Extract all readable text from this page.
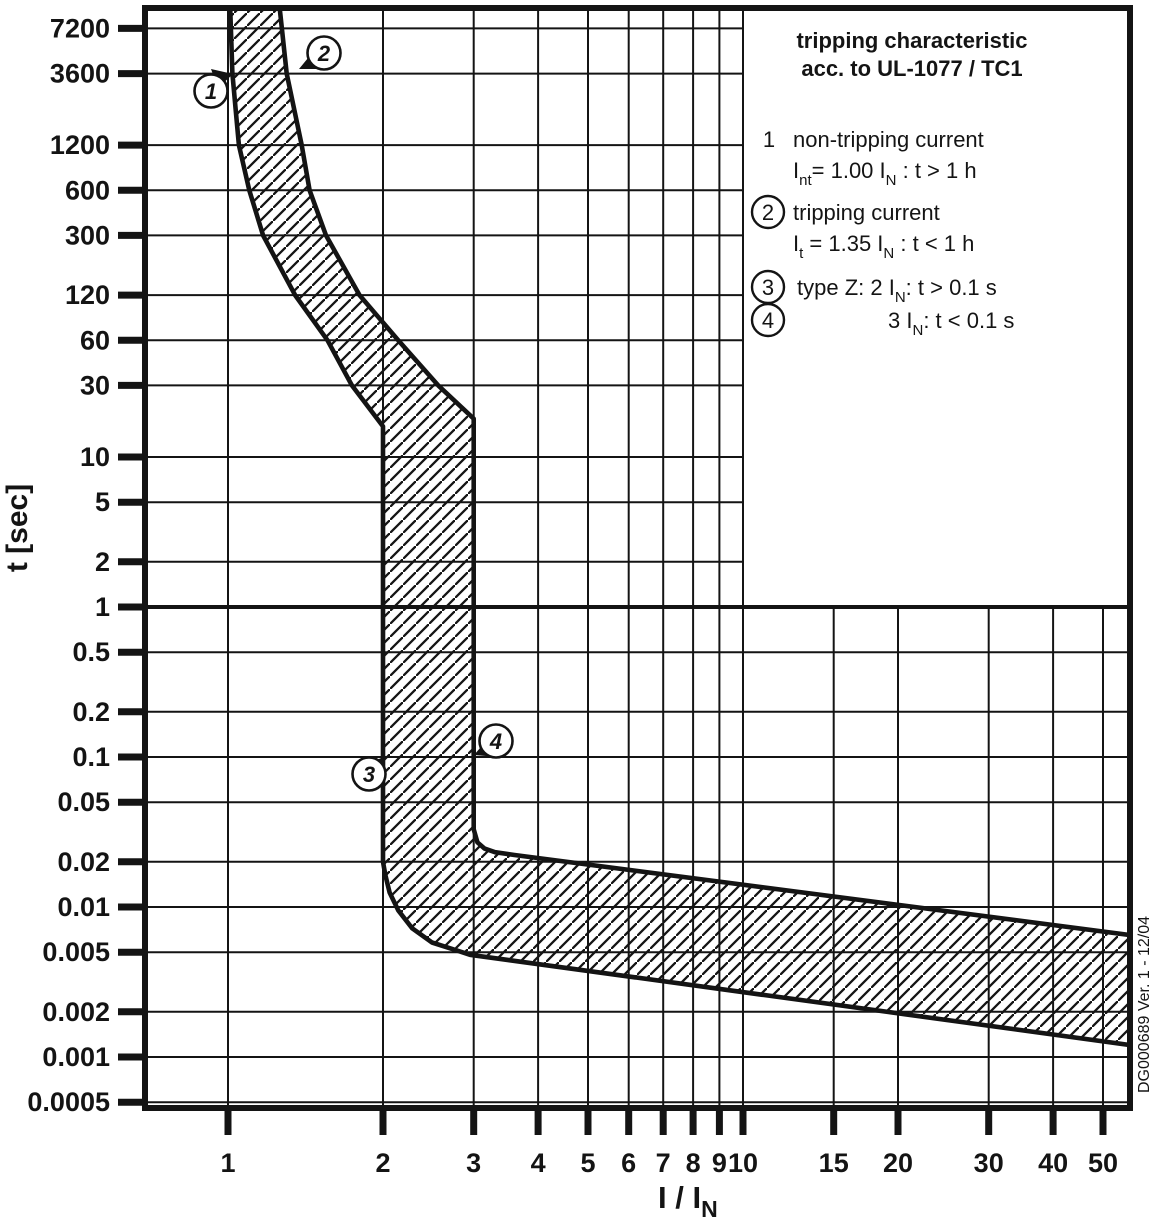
1
2
3
4
1	2	3 4 5 6 7 8 9 10 15 20 30 40 50
7200
3600
1200
600
300
120
60
30
10
5
2
1
0.5
0.2
0.1
0.05
0.02
0.01
0.005
0.002
0.001
0.0005
t [sec]
I / IN
tripping characteristic
acc. to UL-1077 / TC1
1 non-tripping current
$I_{nt}= 1.00$ $I_N$ : t > 1 h
2 tripping current
$I_t = 1.35$ $I_N$ : t < 1 h
3 type Z: 2 $I_N$: t > 0.1 s
4	3 $I_N$: t < 0.1 s
DG000689 Ver. 1 - 12/04
